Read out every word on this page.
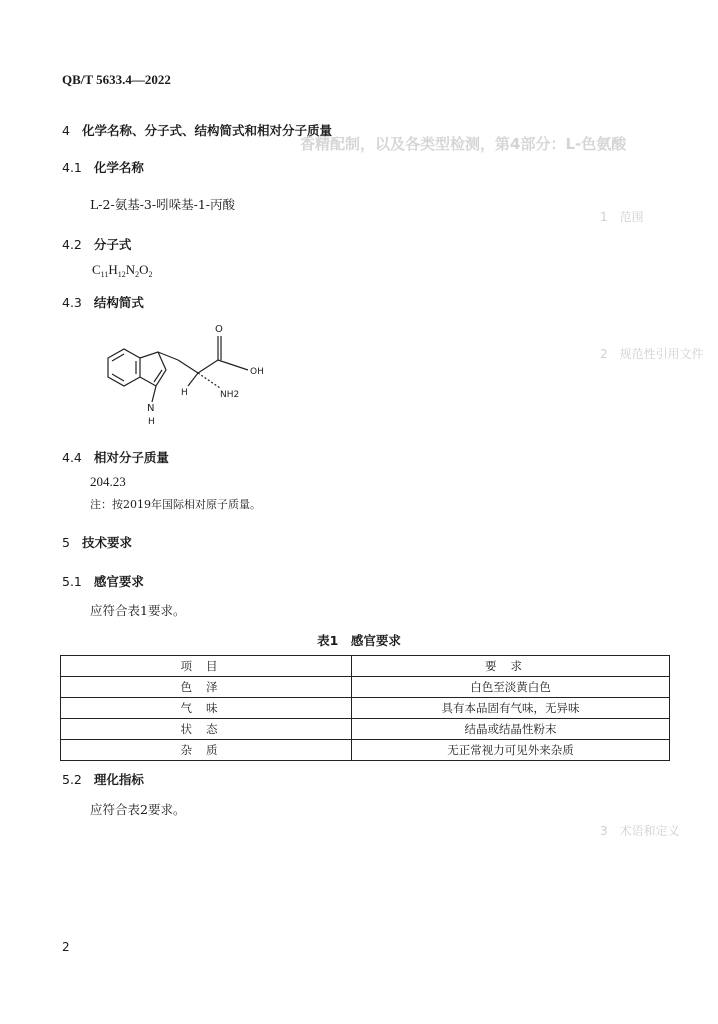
香精配制，以及各类型检测，第4部分：L-色氨酸
1　范围
2　规范性引用文件
3　术语和定义
QB/T 5633.4—2022
4 化学名称、分子式、结构简式和相对分子质量
4.1 化学名称
L-2-氨基-3-吲哚基-1-丙酸
4.2 分子式
$C_{11}H_{12}N_2O_2$
4.3 结构简式
O
OH
H	NH2
N
H
4.4 相对分子质量
204.23
注：按2019年国际相对原子质量。
5 技术要求
5.1 感官要求
应符合表1要求。
表1　感官要求
项目	要求
色泽	白色至淡黄白色
气味	具有本品固有气味，无异味
状态	结晶或结晶性粉末
杂质	无正常视力可见外来杂质
5.2 理化指标
应符合表2要求。
2
